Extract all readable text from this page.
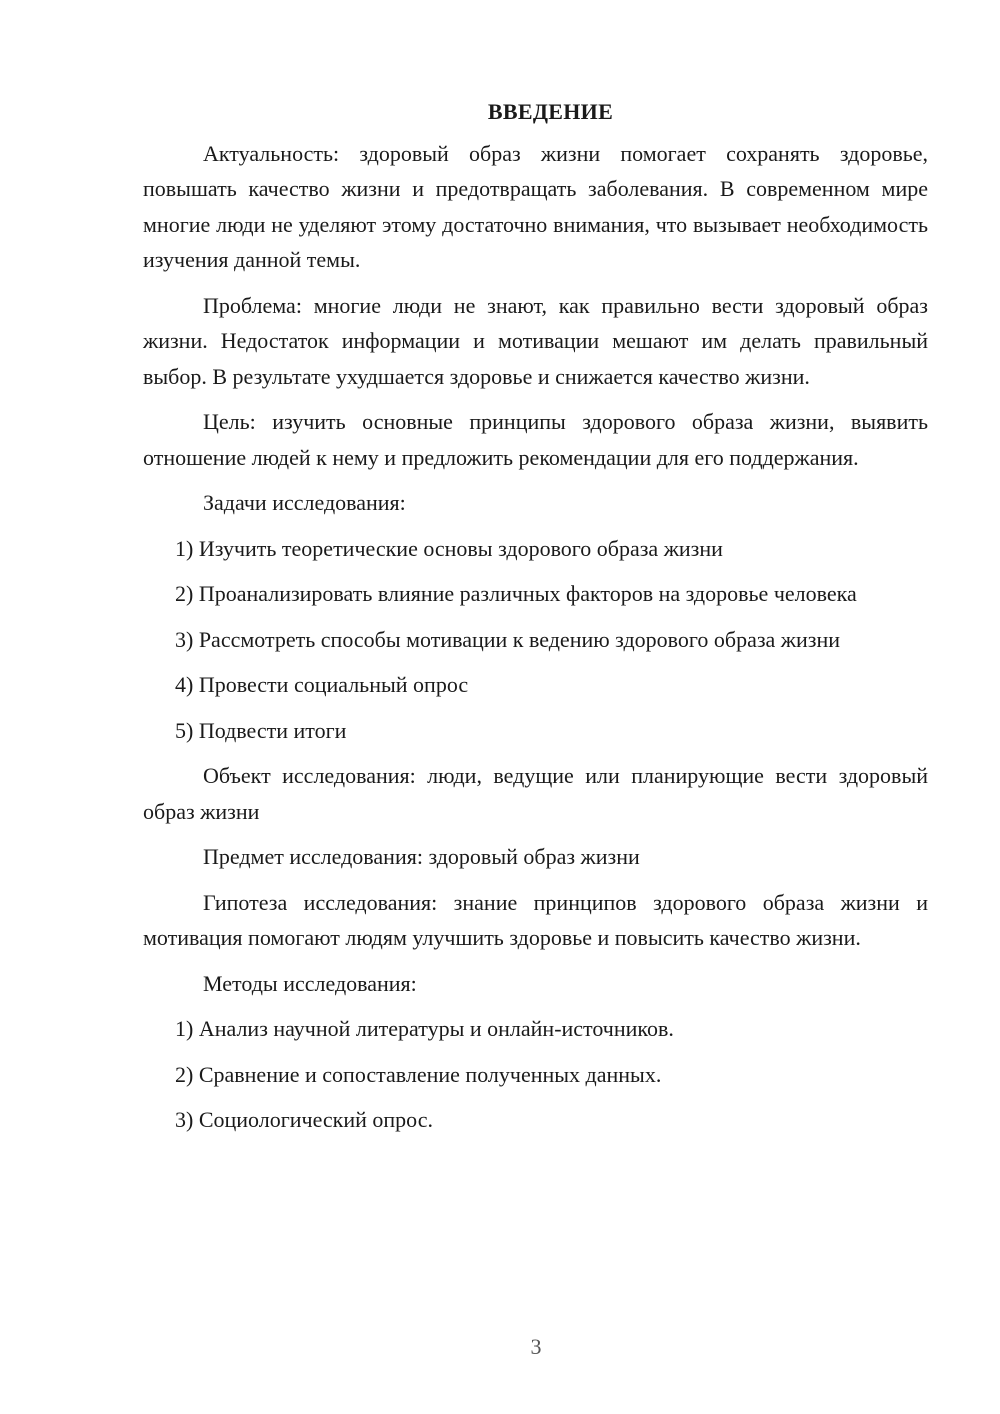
ВВЕДЕНИЕ

Актуальность: здоровый образ жизни помогает сохранять здоровье, повышать качество жизни и предотвращать заболевания. В современном мире многие люди не уделяют этому достаточно внимания, что вызывает необходимость изучения данной темы.

Проблема: многие люди не знают, как правильно вести здоровый образ жизни. Недостаток информации и мотивации мешают им делать правильный выбор. В результате ухудшается здоровье и снижается качество жизни.

Цель: изучить основные принципы здорового образа жизни, выявить отношение людей к нему и предложить рекомендации для его поддержания.

Задачи исследования:

1) Изучить теоретические основы здорового образа жизни

2) Проанализировать влияние различных факторов на здоровье человека

3) Рассмотреть способы мотивации к ведению здорового образа жизни

4) Провести социальный опрос

5) Подвести итоги

Объект исследования: люди, ведущие или планирующие вести здоровый образ жизни

Предмет исследования: здоровый образ жизни

Гипотеза исследования: знание принципов здорового образа жизни и мотивация помогают людям улучшить здоровье и повысить качество жизни.

Методы исследования:

1) Анализ научной литературы и онлайн-источников.

2) Сравнение и сопоставление полученных данных.

3) Социологический опрос.

3
